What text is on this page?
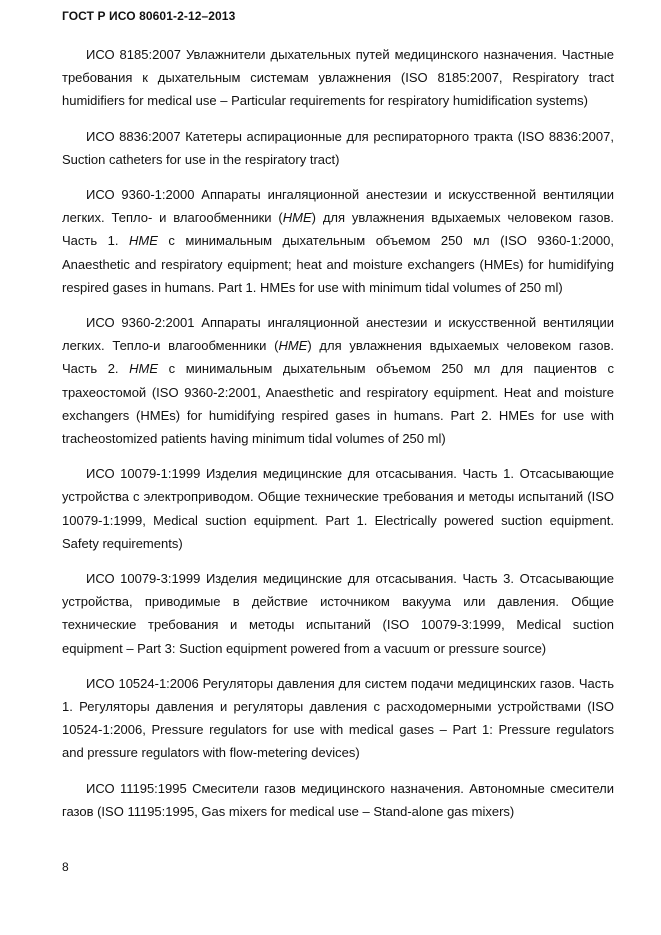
ГОСТ Р ИСО 80601-2-12–2013

ИСО 8185:2007 Увлажнители дыхательных путей медицинского назначения. Частные требования к дыхательным системам увлажнения (ISO 8185:2007, Respiratory tract humidifiers for medical use – Particular requirements for respiratory humidification systems)

ИСО 8836:2007 Катетеры аспирационные для респираторного тракта (ISO 8836:2007, Suction catheters for use in the respiratory tract)

ИСО 9360-1:2000 Аппараты ингаляционной анестезии и искусственной вентиляции легких. Тепло- и влагообменники (HME) для увлажнения вдыхаемых человеком газов. Часть 1. HME с минимальным дыхательным объемом 250 мл (ISO 9360-1:2000, Anaesthetic and respiratory equipment; heat and moisture exchangers (HMEs) for humidifying respired gases in humans. Part 1. HMEs for use with minimum tidal volumes of 250 ml)

ИСО 9360-2:2001 Аппараты ингаляционной анестезии и искусственной вентиляции легких. Тепло-и влагообменники (HME) для увлажнения вдыхаемых человеком газов. Часть 2. HME с минимальным дыхательным объемом 250 мл для пациентов с трахеостомой (ISO 9360-2:2001, Anaesthetic and respiratory equipment. Heat and moisture exchangers (HMEs) for humidifying respired gases in humans. Part 2. HMEs for use with tracheostomized patients having minimum tidal volumes of 250 ml)

ИСО 10079-1:1999 Изделия медицинские для отсасывания. Часть 1. Отсасывающие устройства с электроприводом. Общие технические требования и методы испытаний (ISO 10079-1:1999, Medical suction equipment. Part 1. Electrically powered suction equipment. Safety requirements)

ИСО 10079-3:1999 Изделия медицинские для отсасывания. Часть 3. Отсасывающие устройства, приводимые в действие источником вакуума или давления. Общие технические требования и методы испытаний (ISO 10079-3:1999, Medical suction equipment – Part 3: Suction equipment powered from a vacuum or pressure source)

ИСО 10524-1:2006 Регуляторы давления для систем подачи медицинских газов. Часть 1. Регуляторы давления и регуляторы давления с расходомерными устройствами (ISO 10524-1:2006, Pressure regulators for use with medical gases – Part 1: Pressure regulators and pressure regulators with flow-metering devices)

ИСО 11195:1995 Смесители газов медицинского назначения. Автономные смесители газов (ISO 11195:1995, Gas mixers for medical use – Stand-alone gas mixers)

8
